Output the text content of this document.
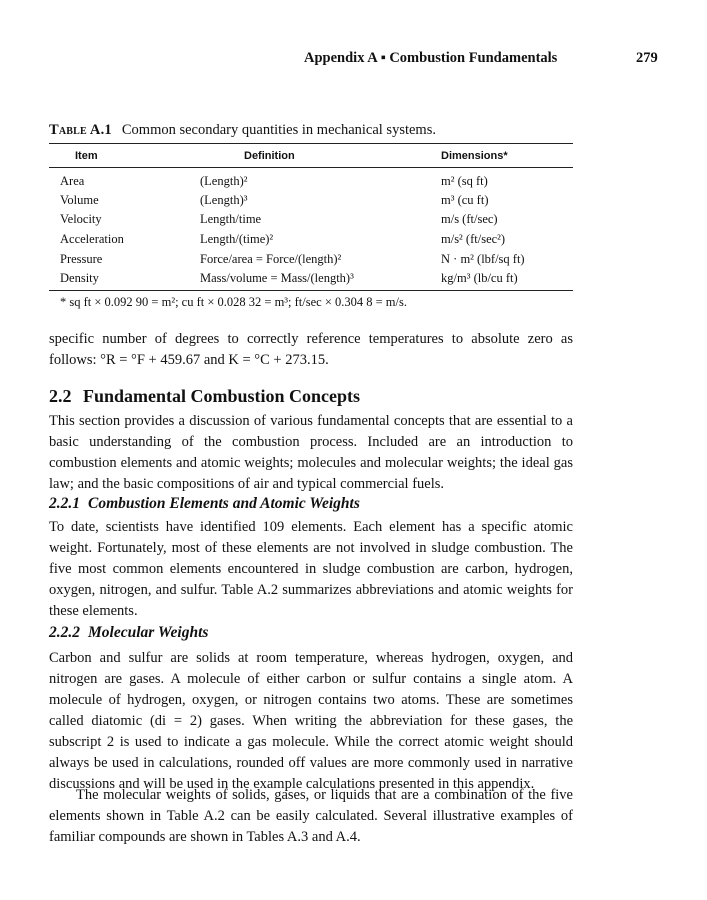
Appendix A ▪ Combustion Fundamentals	279
Table A.1 Common secondary quantities in mechanical systems.
Item	Definition	Dimensions*
Area	(Length)²	m² (sq ft)
Volume	(Length)³	m³ (cu ft)
Velocity	Length/time	m/s (ft/sec)
Acceleration	Length/(time)²	m/s² (ft/sec²)
Pressure	Force/area = Force/(length)²	N · m² (lbf/sq ft)
Density	Mass/volume = Mass/(length)³	kg/m³ (lb/cu ft)
* sq ft × 0.092 90 = m²; cu ft × 0.028 32 = m³; ft/sec × 0.304 8 = m/s.

specific number of degrees to correctly reference temperatures to absolute zero as follows: °R = °F + 459.67 and K = °C + 273.15.

2.2 Fundamental Combustion Concepts

This section provides a discussion of various fundamental concepts that are essential to a basic understanding of the combustion process. Included are an introduction to combustion elements and atomic weights; molecules and molecular weights; the ideal gas law; and the basic compositions of air and typical commercial fuels.

2.2.1 Combustion Elements and Atomic Weights

To date, scientists have identified 109 elements. Each element has a specific atomic weight. Fortunately, most of these elements are not involved in sludge combustion. The five most common elements encountered in sludge combustion are carbon, hydrogen, oxygen, nitrogen, and sulfur. Table A.2 summarizes abbreviations and atomic weights for these elements.

2.2.2 Molecular Weights

Carbon and sulfur are solids at room temperature, whereas hydrogen, oxygen, and nitrogen are gases. A molecule of either carbon or sulfur contains a single atom. A molecule of hydrogen, oxygen, or nitrogen contains two atoms. These are sometimes called diatomic (di = 2) gases. When writing the abbreviation for these gases, the subscript 2 is used to indicate a gas molecule. While the correct atomic weight should always be used in calculations, rounded off values are more commonly used in narrative discussions and will be used in the example calculations presented in this appendix.

The molecular weights of solids, gases, or liquids that are a combination of the five elements shown in Table A.2 can be easily calculated. Several illustrative examples of familiar compounds are shown in Tables A.3 and A.4.
